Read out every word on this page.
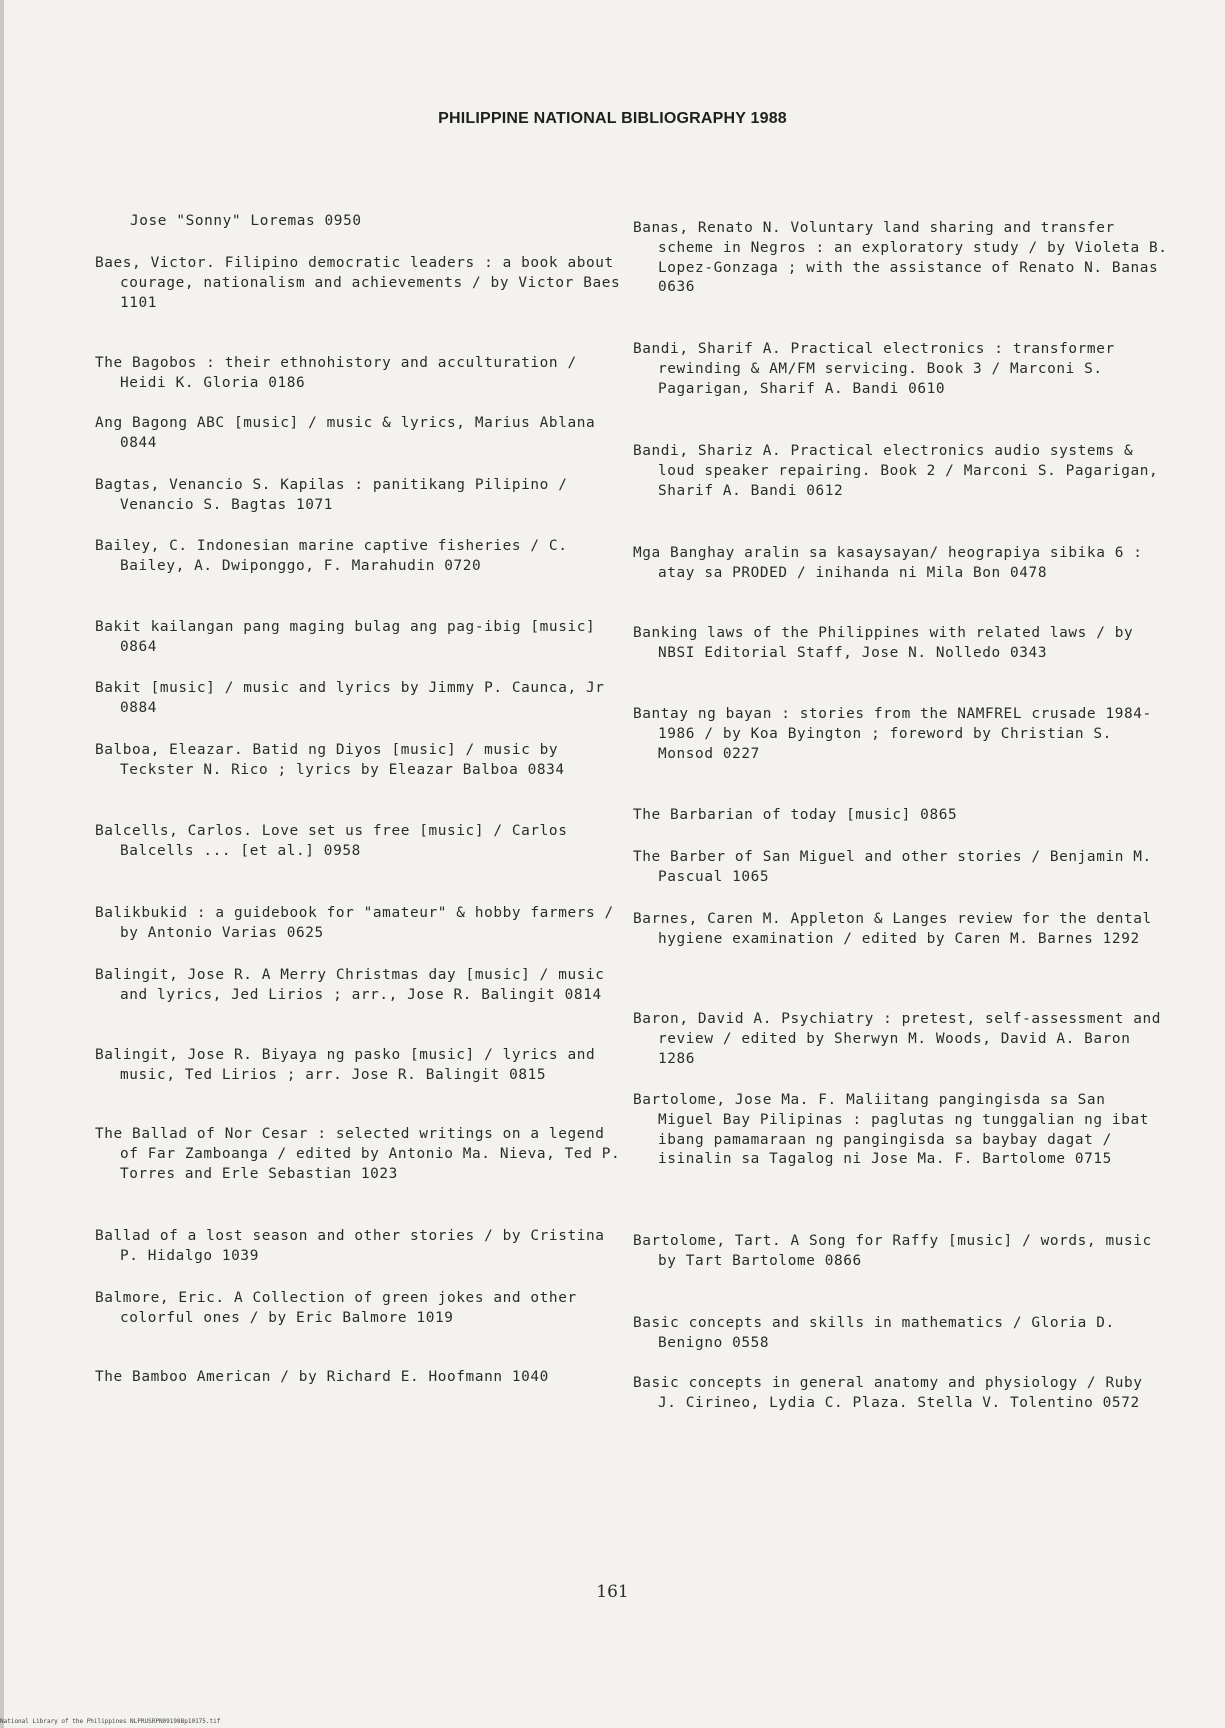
PHILIPPINE NATIONAL BIBLIOGRAPHY 1988
Jose "Sonny" Loremas 0950
Baes, Victor. Filipino democratic leaders : a book about courage, nationalism and achievements / by Victor Baes 1101
The Bagobos : their ethnohistory and acculturation / Heidi K. Gloria 0186
Ang Bagong ABC [music] / music & lyrics, Marius Ablana 0844
Bagtas, Venancio S. Kapilas : panitikang Pilipino / Venancio S. Bagtas 1071
Bailey, C. Indonesian marine captive fisheries / C. Bailey, A. Dwiponggo, F. Marahudin 0720
Bakit kailangan pang maging bulag ang pag-ibig [music] 0864
Bakit [music] / music and lyrics by Jimmy P. Caunca, Jr 0884
Balboa, Eleazar. Batid ng Diyos [music] / music by Teckster N. Rico ; lyrics by Eleazar Balboa 0834
Balcells, Carlos. Love set us free [music] / Carlos Balcells ... [et al.] 0958
Balikbukid : a guidebook for "amateur" & hobby farmers / by Antonio Varias 0625
Balingit, Jose R. A Merry Christmas day [music] / music and lyrics, Jed Lirios ; arr., Jose R. Balingit 0814
Balingit, Jose R. Biyaya ng pasko [music] / lyrics and music, Ted Lirios ; arr. Jose R. Balingit 0815
The Ballad of Nor Cesar : selected writings on a legend of Far Zamboanga / edited by Antonio Ma. Nieva, Ted P. Torres and Erle Sebastian 1023
Ballad of a lost season and other stories / by Cristina P. Hidalgo 1039
Balmore, Eric. A Collection of green jokes and other colorful ones / by Eric Balmore 1019
The Bamboo American / by Richard E. Hoofmann 1040
Banas, Renato N. Voluntary land sharing and transfer scheme in Negros : an exploratory study / by Violeta B. Lopez-Gonzaga ; with the assistance of Renato N. Banas 0636
Bandi, Sharif A. Practical electronics : transformer rewinding & AM/FM servicing. Book 3 / Marconi S. Pagarigan, Sharif A. Bandi 0610
Bandi, Shariz A. Practical electronics audio systems & loud speaker repairing. Book 2 / Marconi S. Pagarigan, Sharif A. Bandi 0612
Mga Banghay aralin sa kasaysayan/ heograpiya sibika 6 : atay sa PRODED / inihanda ni Mila Bon 0478
Banking laws of the Philippines with related laws / by NBSI Editorial Staff, Jose N. Nolledo 0343
Bantay ng bayan : stories from the NAMFREL crusade 1984-1986 / by Koa Byington ; foreword by Christian S. Monsod 0227
The Barbarian of today [music] 0865
The Barber of San Miguel and other stories / Benjamin M. Pascual 1065
Barnes, Caren M. Appleton & Langes review for the dental hygiene examination / edited by Caren M. Barnes 1292
Baron, David A. Psychiatry : pretest, self-assessment and review / edited by Sherwyn M. Woods, David A. Baron 1286
Bartolome, Jose Ma. F. Maliitang pangingisda sa San Miguel Bay Pilipinas : paglutas ng tunggalian ng ibat ibang pamamaraan ng pangingisda sa baybay dagat / isinalin sa Tagalog ni Jose Ma. F. Bartolome 0715
Bartolome, Tart. A Song for Raffy [music] / words, music by Tart Bartolome 0866
Basic concepts and skills in mathematics / Gloria D. Benigno 0558
Basic concepts in general anatomy and physiology / Ruby J. Cirineo, Lydia C. Plaza. Stella V. Tolentino 0572
161
National Library of the Philippines NLPRUSRPN09198Bp10175.tif
